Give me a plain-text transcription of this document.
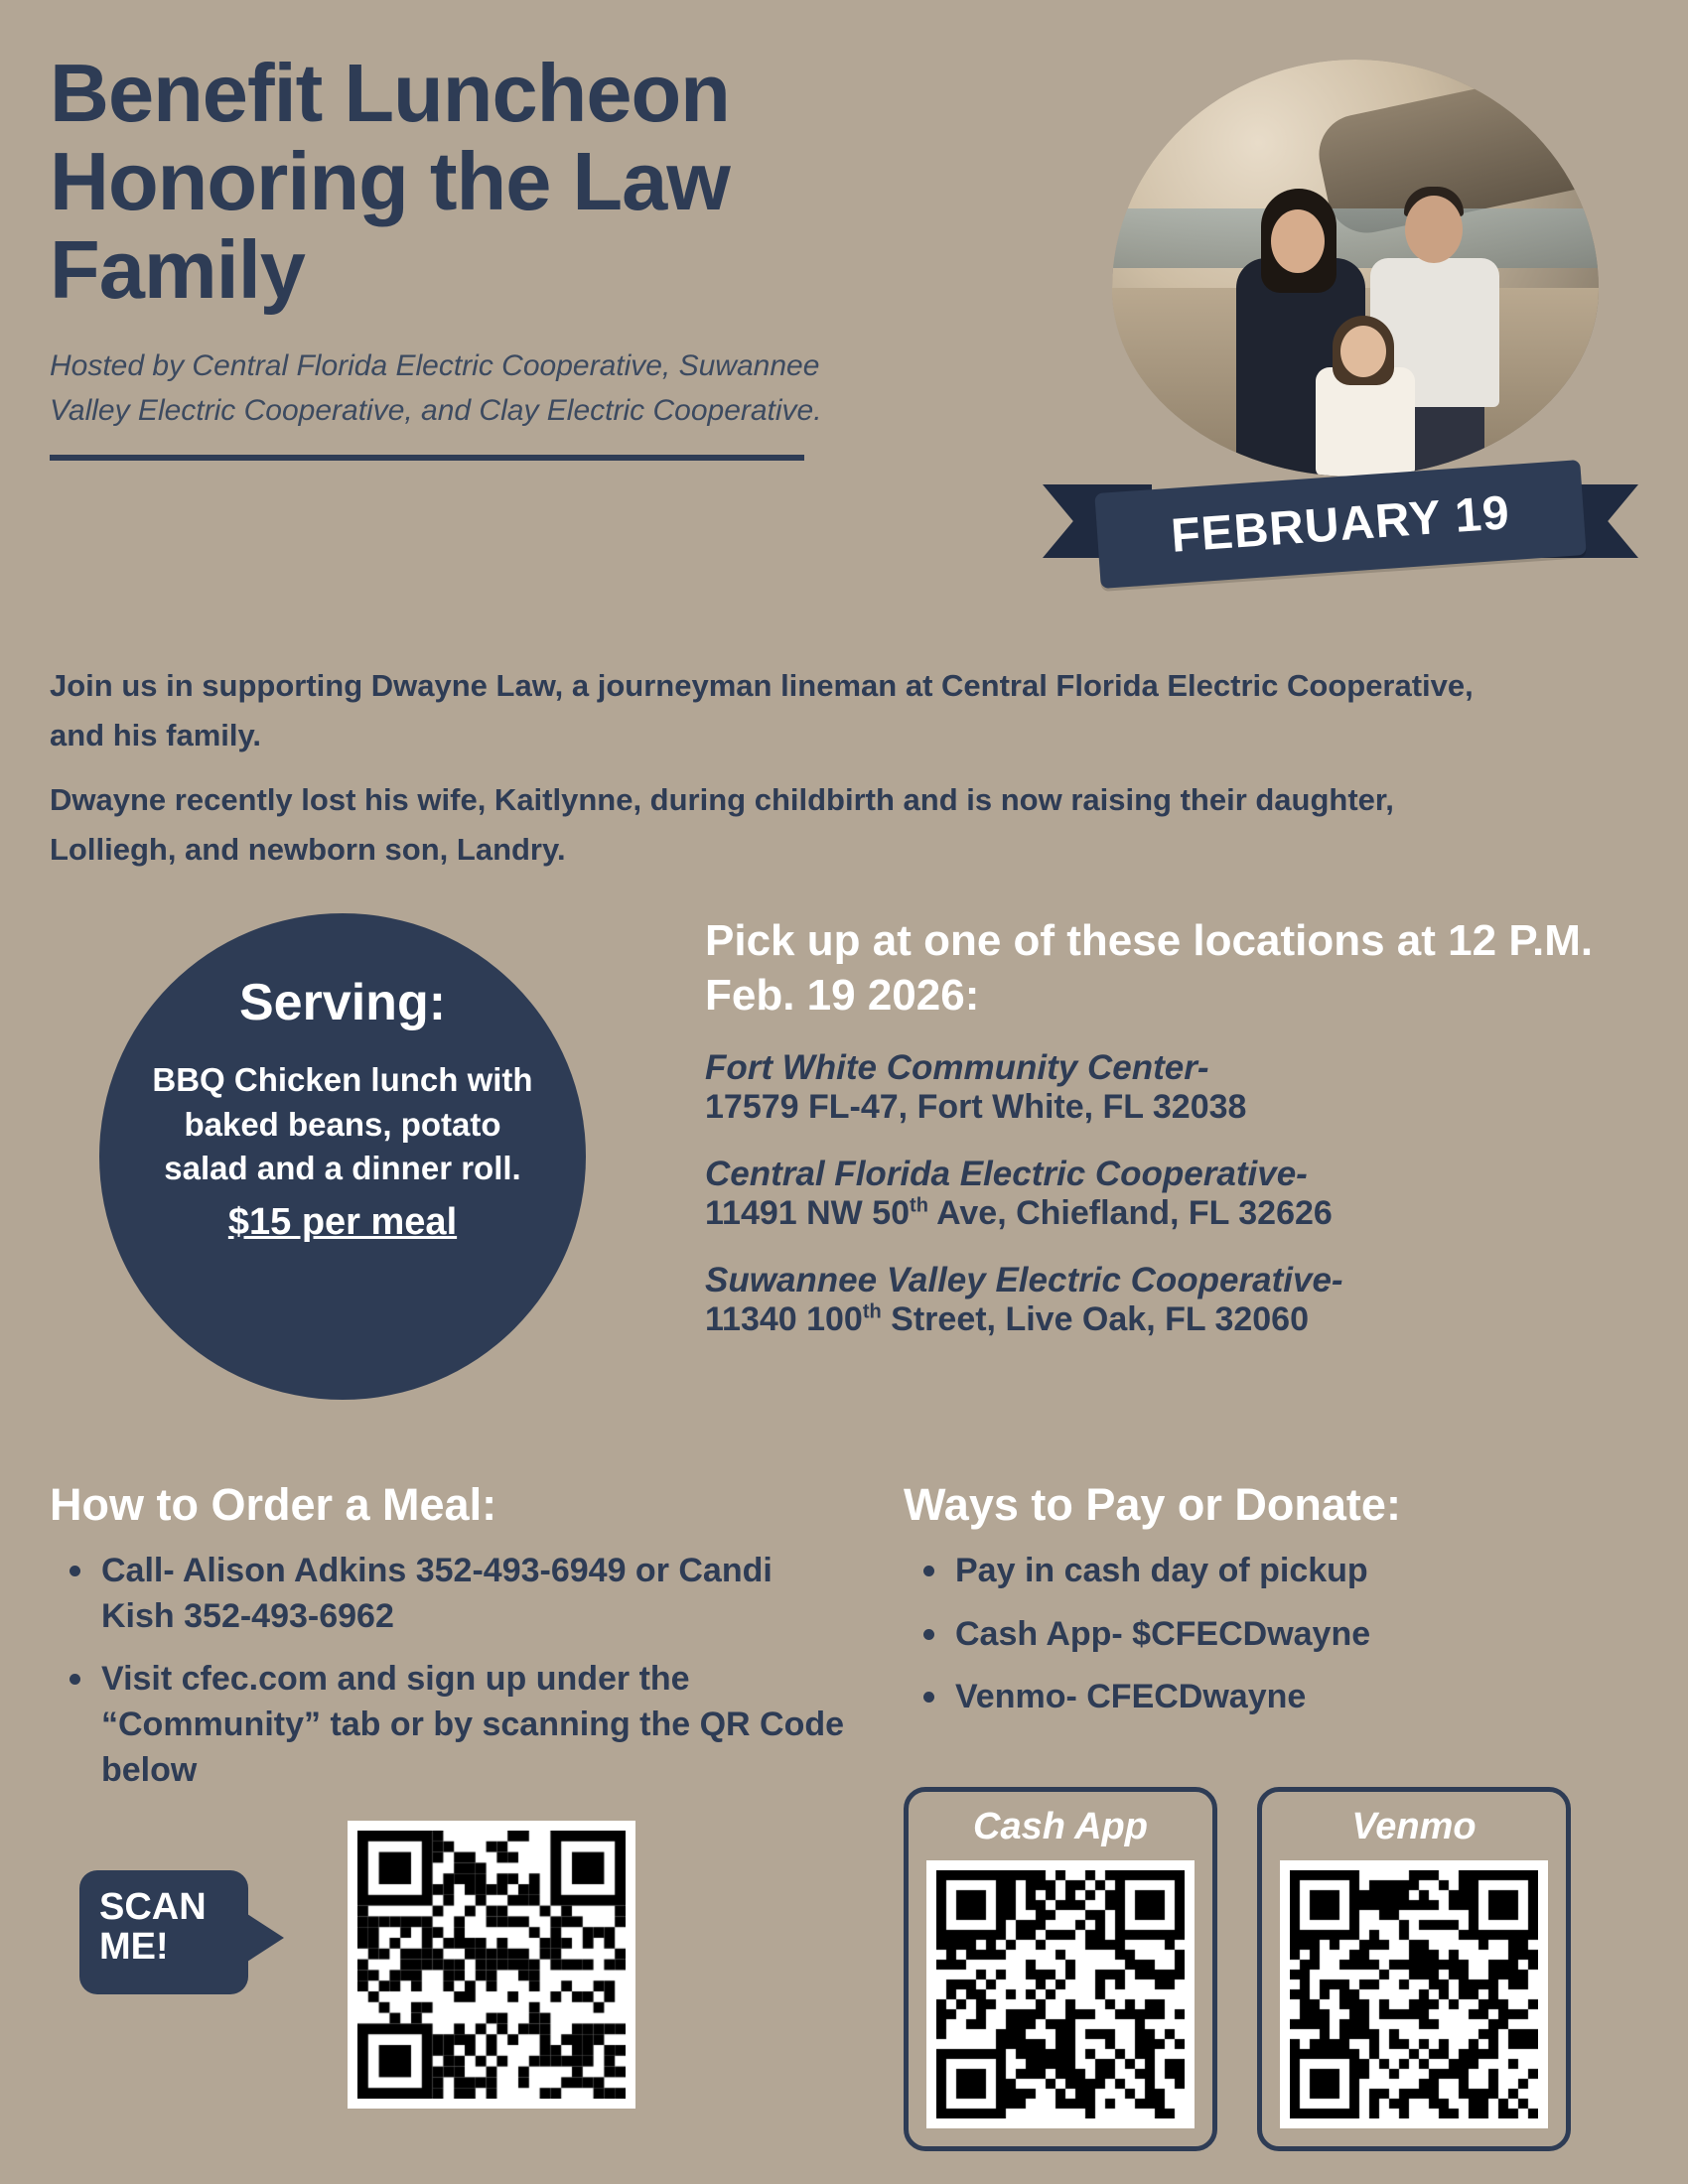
Benefit Luncheon Honoring the Law Family
Hosted by Central Florida Electric Cooperative, Suwannee Valley Electric Cooperative, and Clay Electric Cooperative.
FEBRUARY 19

Join us in supporting Dwayne Law, a journeyman lineman at Central Florida Electric Cooperative, and his family.

Dwayne recently lost his wife, Kaitlynne, during childbirth and is now raising their daughter, Lolliegh, and newborn son, Landry.

Serving:

BBQ Chicken lunch with baked beans, potato salad and a dinner roll.

$15 per meal
Pick up at one of these locations at 12 P.M. Feb. 19 2026:
Fort White Community Center-
17579 FL-47, Fort White, FL 32038
Central Florida Electric Cooperative-
11491 NW 50th Ave, Chiefland, FL 32626
Suwannee Valley Electric Cooperative-
11340 100th Street, Live Oak, FL 32060
How to Order a Meal:
Call- Alison Adkins 352-493-6949 or Candi Kish 352-493-6962
Visit cfec.com and sign up under the “Community” tab or by scanning the QR Code below
SCAN
ME!
Ways to Pay or Donate:
Pay in cash day of pickup
Cash App- $CFECDwayne
Venmo- CFECDwayne
Cash App	Venmo
